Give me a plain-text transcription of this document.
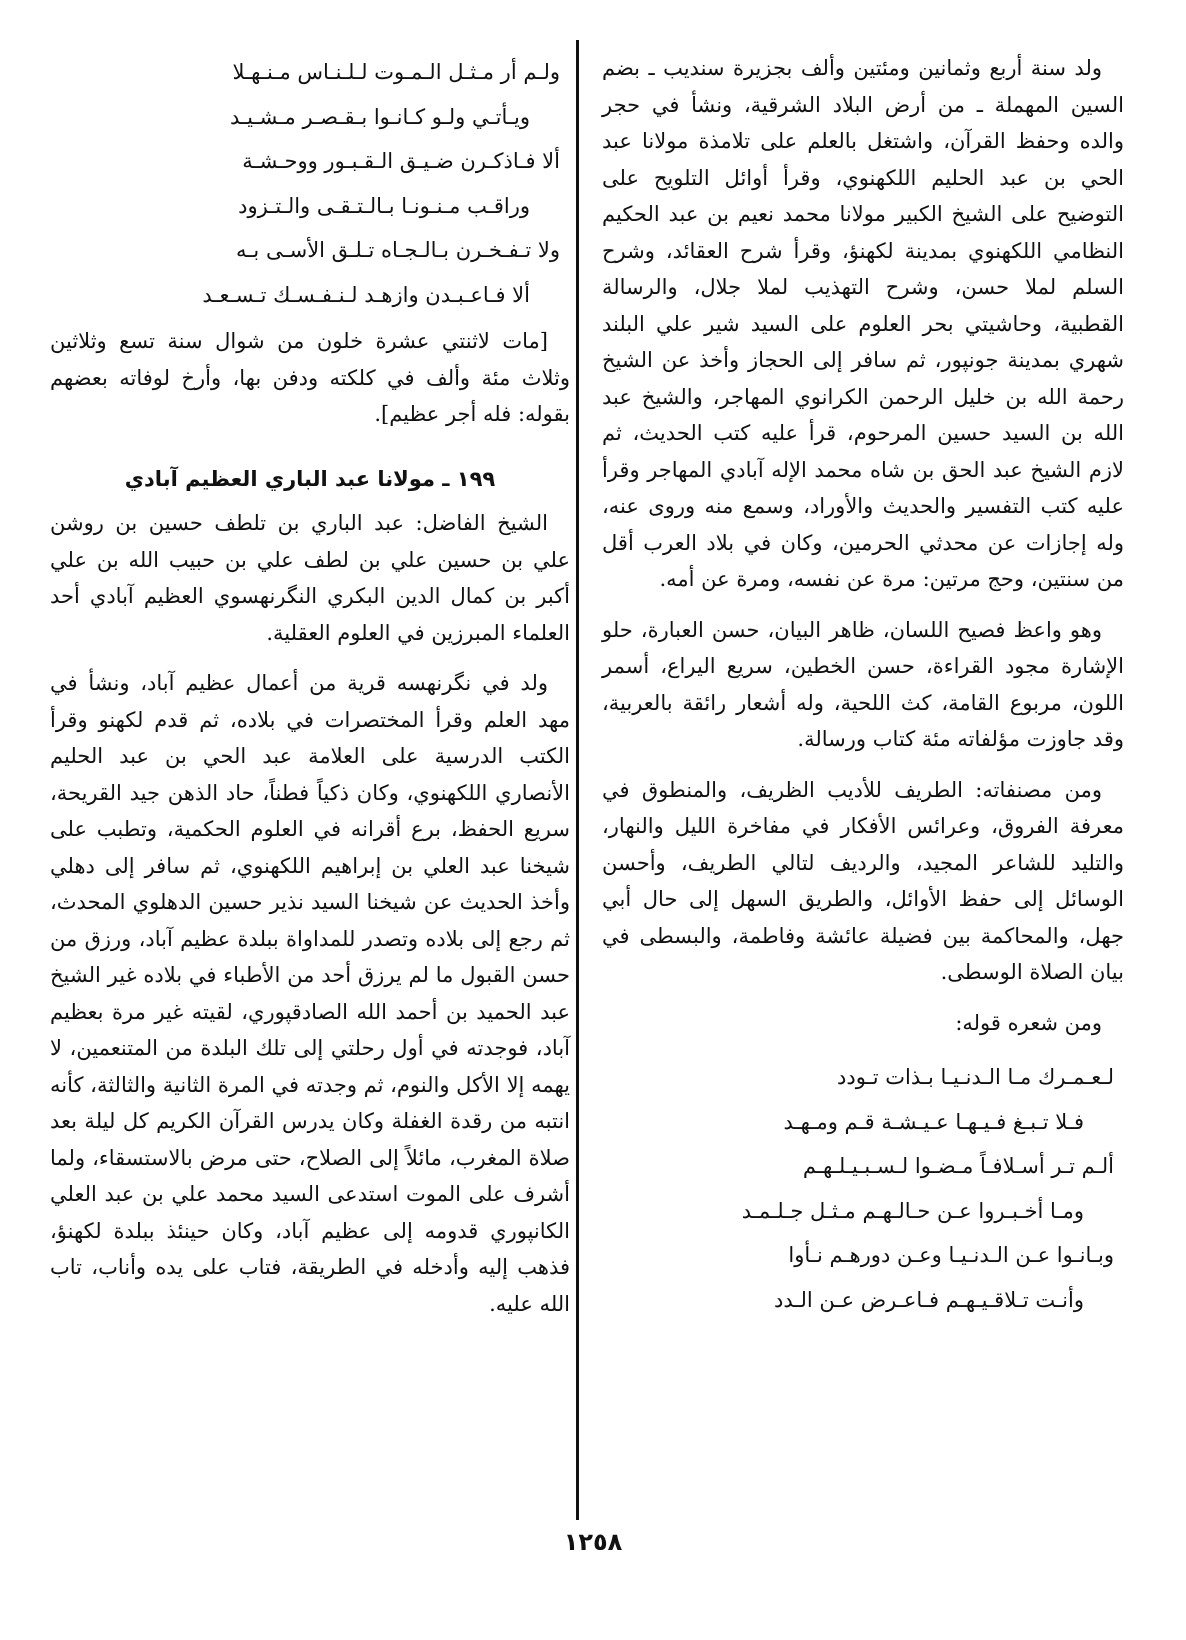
ولد سنة أربع وثمانين ومئتين وألف بجزيرة سنديب ـ بضم السين المهملة ـ من أرض البلاد الشرقية، ونشأ في حجر والده وحفظ القرآن، واشتغل بالعلم على تلامذة مولانا عبد الحي بن عبد الحليم اللكهنوي، وقرأ أوائل التلويح على التوضيح على الشيخ الكبير مولانا محمد نعيم بن عبد الحكيم النظامي اللكهنوي بمدينة لكهنؤ، وقرأ شرح العقائد، وشرح السلم لملا حسن، وشرح التهذيب لملا جلال، والرسالة القطبية، وحاشيتي بحر العلوم على السيد شير علي البلند شهري بمدينة جونپور، ثم سافر إلى الحجاز وأخذ عن الشيخ رحمة الله بن خليل الرحمن الكرانوي المهاجر، والشيخ عبد الله بن السيد حسين المرحوم، قرأ عليه كتب الحديث، ثم لازم الشيخ عبد الحق بن شاه محمد الإله آبادي المهاجر وقرأ عليه كتب التفسير والحديث والأوراد، وسمع منه وروى عنه، وله إجازات عن محدثي الحرمين، وكان في بلاد العرب أقل من سنتين، وحج مرتين: مرة عن نفسه، ومرة عن أمه.

وهو واعظ فصيح اللسان، ظاهر البيان، حسن العبارة، حلو الإشارة مجود القراءة، حسن الخطين، سريع اليراع، أسمر اللون، مربوع القامة، كث اللحية، وله أشعار رائقة بالعربية، وقد جاوزت مؤلفاته مئة كتاب ورسالة.

ومن مصنفاته: الطريف للأديب الظريف، والمنطوق في معرفة الفروق، وعرائس الأفكار في مفاخرة الليل والنهار، والتليد للشاعر المجيد، والرديف لتالي الطريف، وأحسن الوسائل إلى حفظ الأوائل، والطريق السهل إلى حال أبي جهل، والمحاكمة بين فضيلة عائشة وفاطمة، والبسطى في بيان الصلاة الوسطى.

ومن شعره قوله:

لـعـمـرك مـا الـدنـيـا بـذات تـودد
فـلا تـبـغ فـيـهـا عـيـشـة قـم ومـهـد
ألـم تـر أسـلافـاً مـضـوا لـسـبـيـلـهـم
ومـا أخـبـروا عـن حـالـهـم مـثـل جـلـمـد
وبـانـوا عـن الـدنـيـا وعـن دورهـم نـأوا
وأنـت تـلاقـيـهـم فـاعـرض عـن الـدد
ولـم أر مـثـل الـمـوت لـلـنـاس مـنـهـلا
ويـأتـي ولـو كـانـوا بـقـصـر مـشـيـد
ألا فـاذكـرن ضـيـق الـقـبـور ووحـشـة
وراقـب مـنـونـا بـالـتـقـى والـتـزود
ولا تـفـخـرن بـالـجـاه تـلـق الأسـى بـه
ألا فـاعـبـدن وازهـد لـنـفـسـك تـسـعـد

[مات لاثنتي عشرة خلون من شوال سنة تسع وثلاثين وثلاث مئة وألف في كلكته ودفن بها، وأرخ لوفاته بعضهم بقوله: فله أجر عظيم].

١٩٩ ـ مولانا عبد الباري العظيم آبادي

الشيخ الفاضل: عبد الباري بن تلطف حسين بن روشن علي بن حسين علي بن لطف علي بن حبيب الله بن علي أكبر بن كمال الدين البكري النگرنهسوي العظيم آبادي أحد العلماء المبرزين في العلوم العقلية.

ولد في نگرنهسه قرية من أعمال عظيم آباد، ونشأ في مهد العلم وقرأ المختصرات في بلاده، ثم قدم لكهنو وقرأ الكتب الدرسية على العلامة عبد الحي بن عبد الحليم الأنصاري اللكهنوي، وكان ذكياً فطناً، حاد الذهن جيد القريحة، سريع الحفظ، برع أقرانه في العلوم الحكمية، وتطبب على شيخنا عبد العلي بن إبراهيم اللكهنوي، ثم سافر إلى دهلي وأخذ الحديث عن شيخنا السيد نذير حسين الدهلوي المحدث، ثم رجع إلى بلاده وتصدر للمداواة ببلدة عظيم آباد، ورزق من حسن القبول ما لم يرزق أحد من الأطباء في بلاده غير الشيخ عبد الحميد بن أحمد الله الصادقپوري، لقيته غير مرة بعظيم آباد، فوجدته في أول رحلتي إلى تلك البلدة من المتنعمين، لا يهمه إلا الأكل والنوم، ثم وجدته في المرة الثانية والثالثة، كأنه انتبه من رقدة الغفلة وكان يدرس القرآن الكريم كل ليلة بعد صلاة المغرب، مائلاً إلى الصلاح، حتى مرض بالاستسقاء، ولما أشرف على الموت استدعى السيد محمد علي بن عبد العلي الكانپوري قدومه إلى عظيم آباد، وكان حينئذ ببلدة لكهنؤ، فذهب إليه وأدخله في الطريقة، فتاب على يده وأناب، تاب الله عليه.

١٢٥٨
